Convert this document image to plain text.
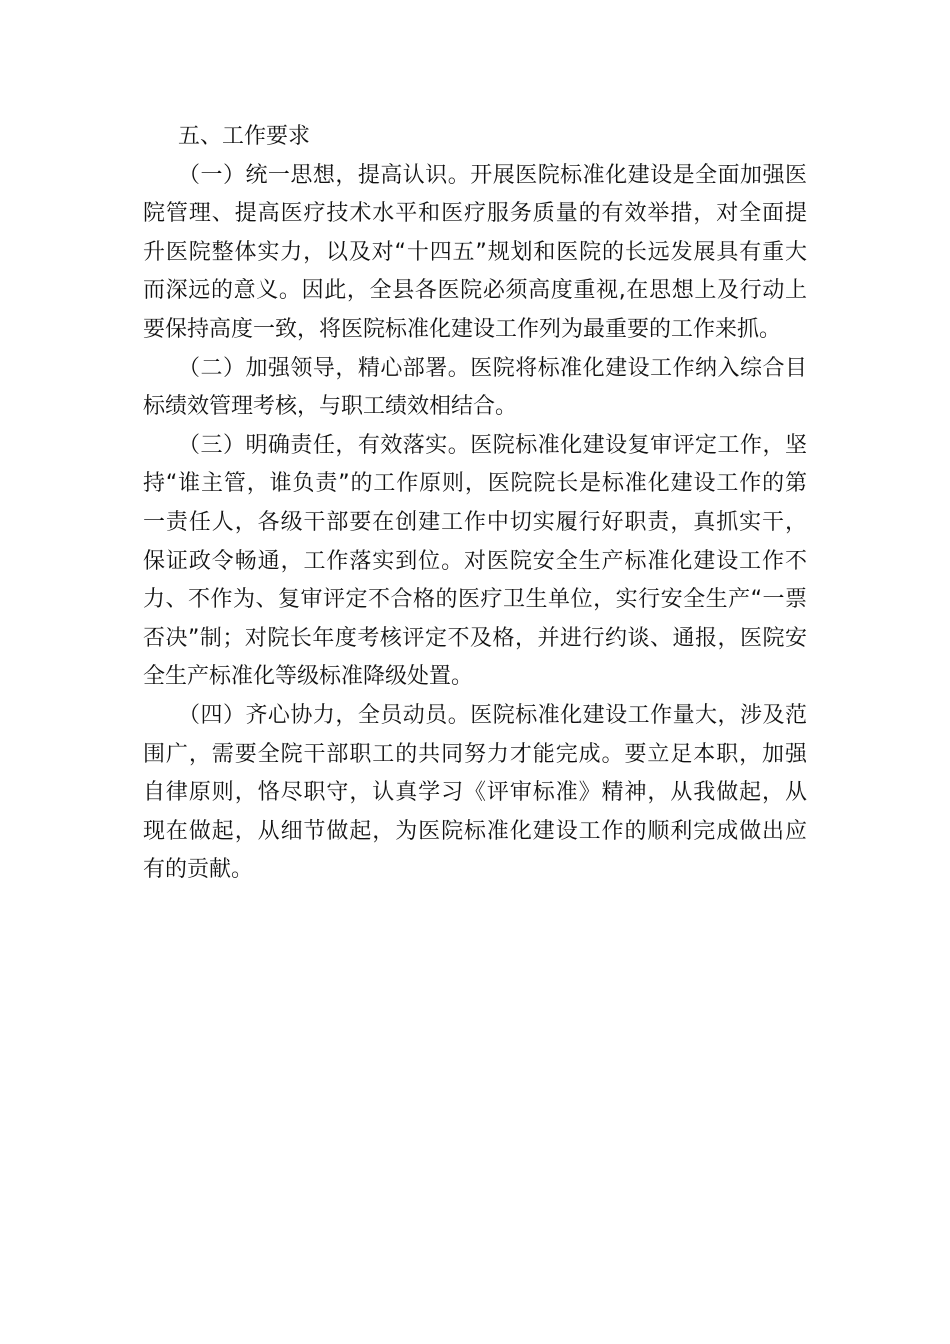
五、工作要求
（一）统一思想，提高认识。开展医院标准化建设是全面加强医
院管理、提高医疗技术水平和医疗服务质量的有效举措，对全面提
升医院整体实力，以及对“十四五”规划和医院的长远发展具有重大
而深远的意义。因此，全县各医院必须高度重视,在思想上及行动上
要保持高度一致，将医院标准化建设工作列为最重要的工作来抓。
（二）加强领导，精心部署。医院将标准化建设工作纳入综合目
标绩效管理考核，与职工绩效相结合。
（三）明确责任，有效落实。医院标准化建设复审评定工作，坚
持“谁主管，谁负责”的工作原则，医院院长是标准化建设工作的第
一责任人，各级干部要在创建工作中切实履行好职责，真抓实干，
保证政令畅通，工作落实到位。对医院安全生产标准化建设工作不
力、不作为、复审评定不合格的医疗卫生单位，实行安全生产“一票
否决”制；对院长年度考核评定不及格，并进行约谈、通报，医院安
全生产标准化等级标准降级处置。
（四）齐心协力，全员动员。医院标准化建设工作量大，涉及范
围广，需要全院干部职工的共同努力才能完成。要立足本职，加强
自律原则，恪尽职守，认真学习《评审标准》精神，从我做起，从
现在做起，从细节做起，为医院标准化建设工作的顺利完成做出应
有的贡献。
